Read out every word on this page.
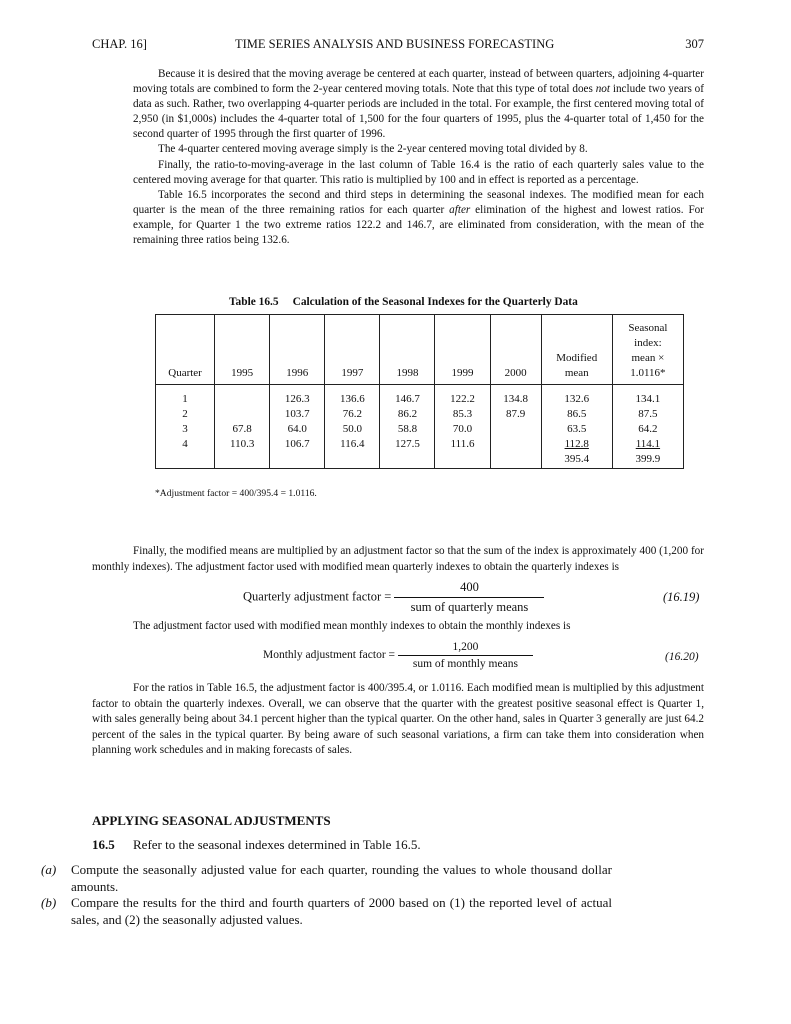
CHAP. 16]	TIME SERIES ANALYSIS AND BUSINESS FORECASTING	307

Because it is desired that the moving average be centered at each quarter, instead of between quarters, adjoining 4-quarter moving totals are combined to form the 2-year centered moving totals. Note that this type of total does not include two years of data as such. Rather, two overlapping 4-quarter periods are included in the total. For example, the first centered moving total of 2,950 (in $1,000s) includes the 4-quarter total of 1,500 for the four quarters of 1995, plus the 4-quarter total of 1,450 for the second quarter of 1995 through the first quarter of 1996.

The 4-quarter centered moving average simply is the 2-year centered moving total divided by 8.

Finally, the ratio-to-moving-average in the last column of Table 16.4 is the ratio of each quarterly sales value to the centered moving average for that quarter. This ratio is multiplied by 100 and in effect is reported as a percentage.

Table 16.5 incorporates the second and third steps in determining the seasonal indexes. The modified mean for each quarter is the mean of the three remaining ratios for each quarter after elimination of the highest and lowest ratios. For example, for Quarter 1 the two extreme ratios 122.2 and 146.7, are eliminated from consideration, with the mean of the remaining three ratios being 132.6.

Table 16.5 Calculation of the Seasonal Indexes for the Quarterly Data
Quarter	1995	1996	1997	1998	1999	2000	Modified
mean	Seasonal
index:
mean ×
1.0116*
1		126.3	136.6	146.7	122.2	134.8	132.6	134.1
2		103.7	76.2	86.2	85.3	87.9	86.5	87.5
3	67.8	64.0	50.0	58.8	70.0		63.5	64.2
4	110.3	106.7	116.4	127.5	111.6		112.8	114.1
							395.4	399.9
*Adjustment factor = 400/395.4 = 1.0116.

Finally, the modified means are multiplied by an adjustment factor so that the sum of the index is approximately 400 (1,200 for monthly indexes). The adjustment factor used with modified mean quarterly indexes to obtain the quarterly indexes is

Quarterly adjustment factor = $\frac{400}{\text{sum of quarterly means}}$	(16.19)
The adjustment factor used with modified mean monthly indexes to obtain the monthly indexes is
Monthly adjustment factor = $\frac{1,200}{\text{sum of monthly means}}$	(16.20)

For the ratios in Table 16.5, the adjustment factor is 400/395.4, or 1.0116. Each modified mean is multiplied by this adjustment factor to obtain the quarterly indexes. Overall, we can observe that the quarter with the greatest positive seasonal effect is Quarter 1, with sales generally being about 34.1 percent higher than the typical quarter. On the other hand, sales in Quarter 3 generally are just 64.2 percent of the sales in the typical quarter. By being aware of such seasonal variations, a firm can take them into consideration when planning work schedules and in making forecasts of sales.

APPLYING SEASONAL ADJUSTMENTS
16.5 Refer to the seasonal indexes determined in Table 16.5.
(a) Compute the seasonally adjusted value for each quarter, rounding the values to whole thousand dollar amounts.
(b) Compare the results for the third and fourth quarters of 2000 based on (1) the reported level of actual sales, and (2) the seasonally adjusted values.
